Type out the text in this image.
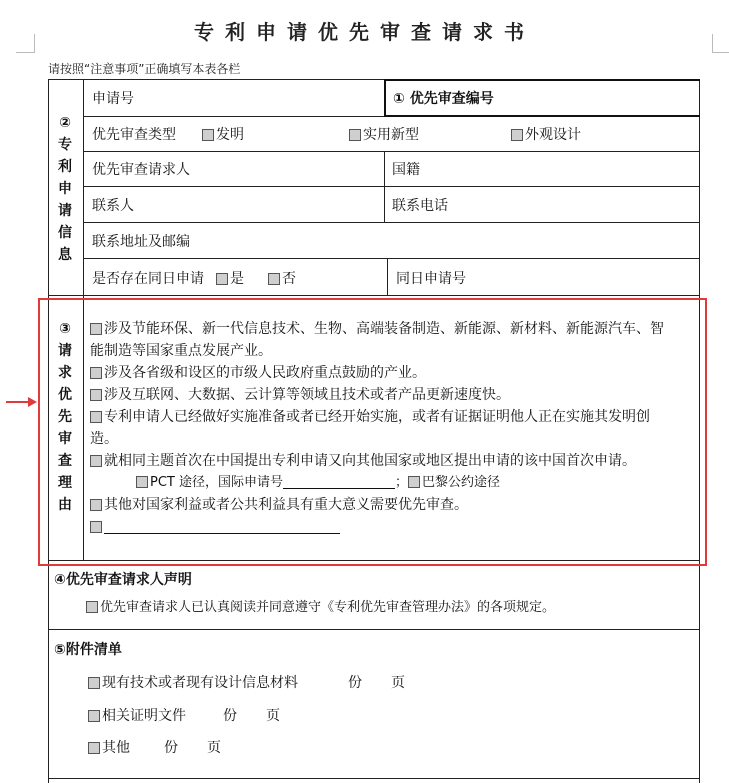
专利申请优先审查请求书
请按照“注意事项”正确填写本表各栏
②
专
利
申
请
信
息
申请号	① 优先审查编号
优先审查类型	发明	实用新型	外观设计
优先审查请求人	国籍
联系人	联系电话
联系地址及邮编
是否存在同日申请	是	否	同日申请号
③
请
求
优
先
审
查
理
由
涉及节能环保、新一代信息技术、生物、高端装备制造、新能源、新材料、新能源汽车、智
能制造等国家重点发展产业。
涉及各省级和设区的市级人民政府重点鼓励的产业。
涉及互联网、大数据、云计算等领域且技术或者产品更新速度快。
专利申请人已经做好实施准备或者已经开始实施，或者有证据证明他人正在实施其发明创
造。
就相同主题首次在中国提出专利申请又向其他国家或地区提出申请的该中国首次申请。
PCT 途径，国际申请号	； 巴黎公约途径
其他对国家利益或者公共利益具有重大意义需要优先审查。
④优先审查请求人声明
优先审查请求人已认真阅读并同意遵守《专利优先审查管理办法》的各项规定。
⑤附件清单
现有技术或者现有设计信息材料	份 页
相关证明文件	份 页
其他 份 页
